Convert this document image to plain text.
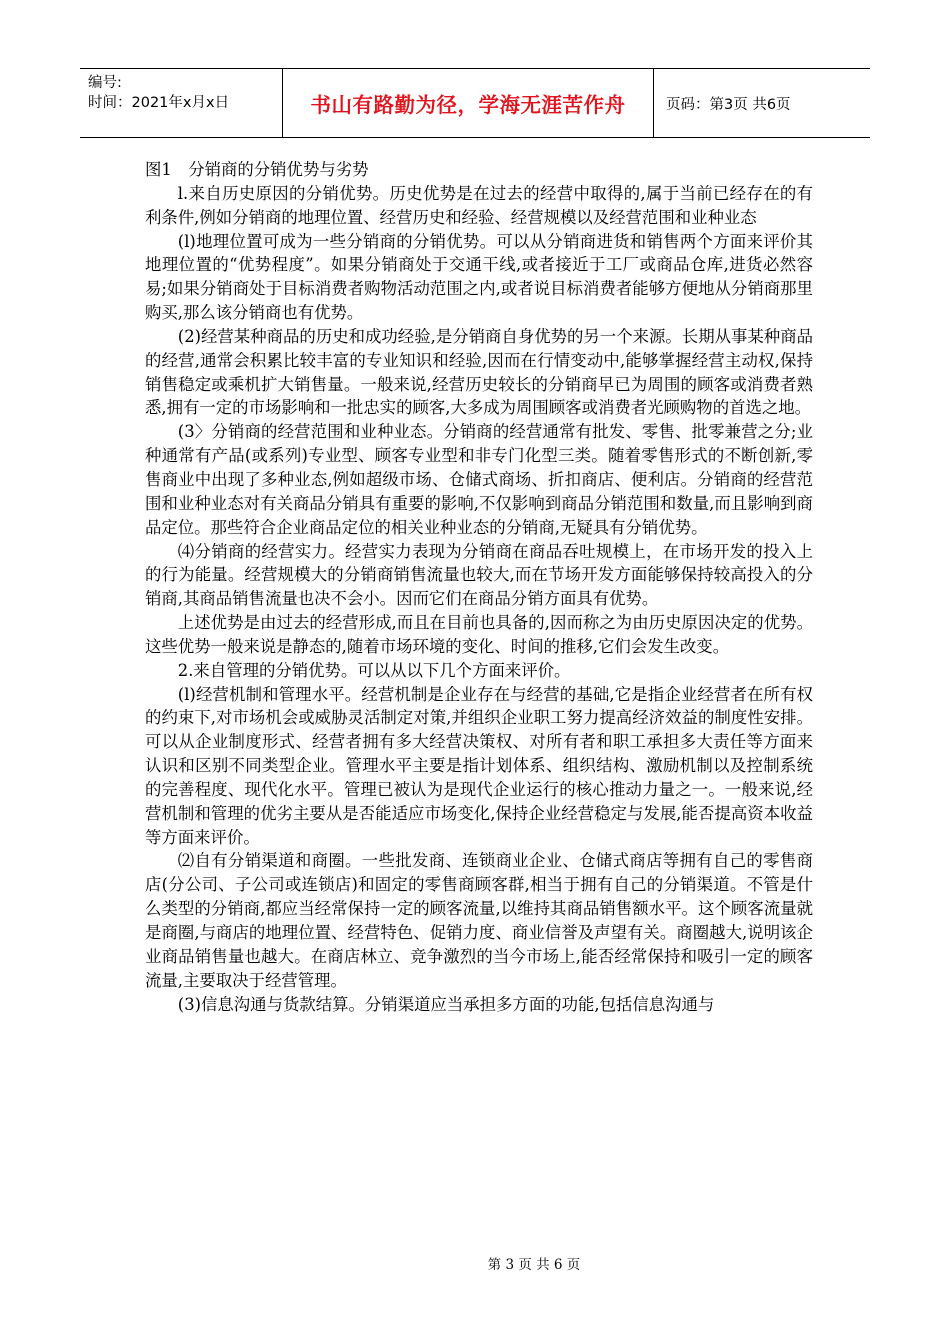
编号:
时间：2021年x月x日	书山有路勤为径，学海无涯苦作舟	页码：第3页 共6页

图1　分销商的分销优势与劣势

l.来自历史原因的分销优势。历史优势是在过去的经营中取得的,属于当前已经存在的有利条件,例如分销商的地理位置、经营历史和经验、经营规模以及经营范围和业种业态

(l)地理位置可成为一些分销商的分销优势。可以从分销商进货和销售两个方面来评价其地理位置的“优势程度”。如果分销商处于交通干线,或者接近于工厂或商品仓库,进货必然容易;如果分销商处于目标消费者购物活动范围之内,或者说目标消费者能够方便地从分销商那里购买,那么该分销商也有优势。

(2)经营某种商品的历史和成功经验,是分销商自身优势的另一个来源。长期从事某种商品的经营,通常会积累比较丰富的专业知识和经验,因而在行情变动中,能够掌握经营主动权,保持销售稳定或乘机扩大销售量。一般来说,经营历史较长的分销商早已为周围的顾客或消费者熟悉,拥有一定的市场影响和一批忠实的顾客,大多成为周围顾客或消费者光顾购物的首选之地。

(3〉分销商的经营范围和业种业态。分销商的经营通常有批发、零售、批零兼营之分;业种通常有产品(或系列)专业型、顾客专业型和非专门化型三类。随着零售形式的不断创新,零售商业中出现了多种业态,例如超级市场、仓储式商场、折扣商店、便利店。分销商的经营范围和业种业态对有关商品分销具有重要的影响,不仅影响到商品分销范围和数量,而且影响到商品定位。那些符合企业商品定位的相关业种业态的分销商,无疑具有分销优势。

⑷分销商的经营实力。经营实力表现为分销商在商品吞吐规模上，在市场开发的投入上的行为能量。经营规模大的分销商销售流量也较大,而在节场开发方面能够保持较高投入的分销商,其商品销售流量也决不会小。因而它们在商品分销方面具有优势。

上述优势是由过去的经营形成,而且在目前也具备的,因而称之为由历史原因决定的优势。这些优势一般来说是静态的,随着市场环境的变化、时间的推移,它们会发生改变。

2.来自管理的分销优势。可以从以下几个方面来评价。

(l)经营机制和管理水平。经营机制是企业存在与经营的基础,它是指企业经营者在所有权的约束下,对市场机会或威胁灵活制定对策,并组织企业职工努力提高经济效益的制度性安排。可以从企业制度形式、经营者拥有多大经营决策权、对所有者和职工承担多大责任等方面来认识和区别不同类型企业。管理水平主要是指计划体系、组织结构、激励机制以及控制系统的完善程度、现代化水平。管理已被认为是现代企业运行的核心推动力量之一。一般来说,经营机制和管理的优劣主要从是否能适应市场变化,保持企业经营稳定与发展,能否提高资本收益等方面来评价。

⑵自有分销渠道和商圈。一些批发商、连锁商业企业、仓储式商店等拥有自己的零售商店(分公司、子公司或连锁店)和固定的零售商顾客群,相当于拥有自己的分销渠道。不管是什么类型的分销商,都应当经常保持一定的顾客流量,以维持其商品销售额水平。这个顾客流量就是商圈,与商店的地理位置、经营特色、促销力度、商业信誉及声望有关。商圈越大,说明该企业商品销售量也越大。在商店林立、竞争激烈的当今市场上,能否经常保持和吸引一定的顾客流量,主要取决于经营管理。

(3)信息沟通与货款结算。分销渠道应当承担多方面的功能,包括信息沟通与

第 3 页 共 6 页
